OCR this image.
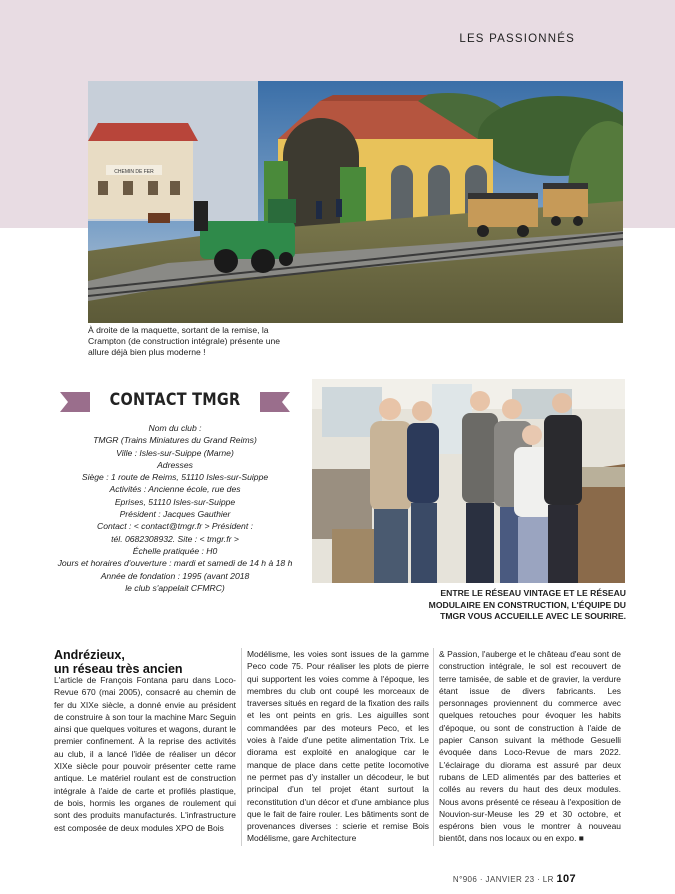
LES PASSIONNÉS
CHEMIN DE FER
À droite de la maquette, sortant de la remise, la Crampton (de construction intégrale) présente une allure déjà bien plus moderne !
CONTACT TMGR
Nom du club :
TMGR (Trains Miniatures du Grand Reims)
Ville : Isles-sur-Suippe (Marne)
Adresses
Siège : 1 route de Reims, 51110 Isles-sur-Suippe
Activités : Ancienne école, rue des
Eprises, 51110 Isles-sur-Suippe
Président : Jacques Gauthier
Contact : < contact@tmgr.fr > Président :
tél. 0682308932. Site : < tmgr.fr >
Échelle pratiquée : H0
Jours et horaires d'ouverture : mardi et samedi de 14 h à 18 h
Année de fondation : 1995 (avant 2018
le club s'appelait CFMRC)
ENTRE LE RÉSEAU VINTAGE ET LE RÉSEAU MODULAIRE EN CONSTRUCTION, L'ÉQUIPE DU TMGR VOUS ACCUEILLE AVEC LE SOURIRE.
Andrézieux,
un réseau très ancien
L'article de François Fontana paru dans Loco-Revue 670 (mai 2005), consacré au chemin de fer du XIXe siècle, a donné envie au président de construire à son tour la machine Marc Seguin ainsi que quelques voitures et wagons, durant le premier confinement. À la reprise des activités au club, il a lancé l'idée de réaliser un décor XIXe siècle pour pouvoir présenter cette rame antique. Le matériel roulant est de construction intégrale à l'aide de carte et profilés plastique, de bois, hormis les organes de roulement qui sont des produits manufacturés. L'infrastructure est composée de deux modules XPO de Bois
Modélisme, les voies sont issues de la gamme Peco code 75. Pour réaliser les plots de pierre qui supportent les voies comme à l'époque, les membres du club ont coupé les morceaux de traverses situés en regard de la fixation des rails et les ont peints en gris. Les aiguilles sont commandées par des moteurs Peco, et les voies à l'aide d'une petite alimentation Trix. Le diorama est exploité en analogique car le manque de place dans cette petite locomotive ne permet pas d'y installer un décodeur, le but principal d'un tel projet étant surtout la reconstitution d'un décor et d'une ambiance plus que le fait de faire rouler. Les bâtiments sont de provenances diverses : scierie et remise Bois Modélisme, gare Architecture
& Passion, l'auberge et le château d'eau sont de construction intégrale, le sol est recouvert de terre tamisée, de sable et de gravier, la verdure étant issue de divers fabricants. Les personnages proviennent du commerce avec quelques retouches pour évoquer les habits d'époque, ou sont de construction à l'aide de papier Canson suivant la méthode Gesuelli évoquée dans Loco-Revue de mars 2022. L'éclairage du diorama est assuré par deux rubans de LED alimentés par des batteries et collés au revers du haut des deux modules. Nous avons présenté ce réseau à l'exposition de Nouvion-sur-Meuse les 29 et 30 octobre, et espérons bien vous le montrer à nouveau bientôt, dans nos locaux ou en expo. ■
N°906 · JANVIER 23 · LR 107
